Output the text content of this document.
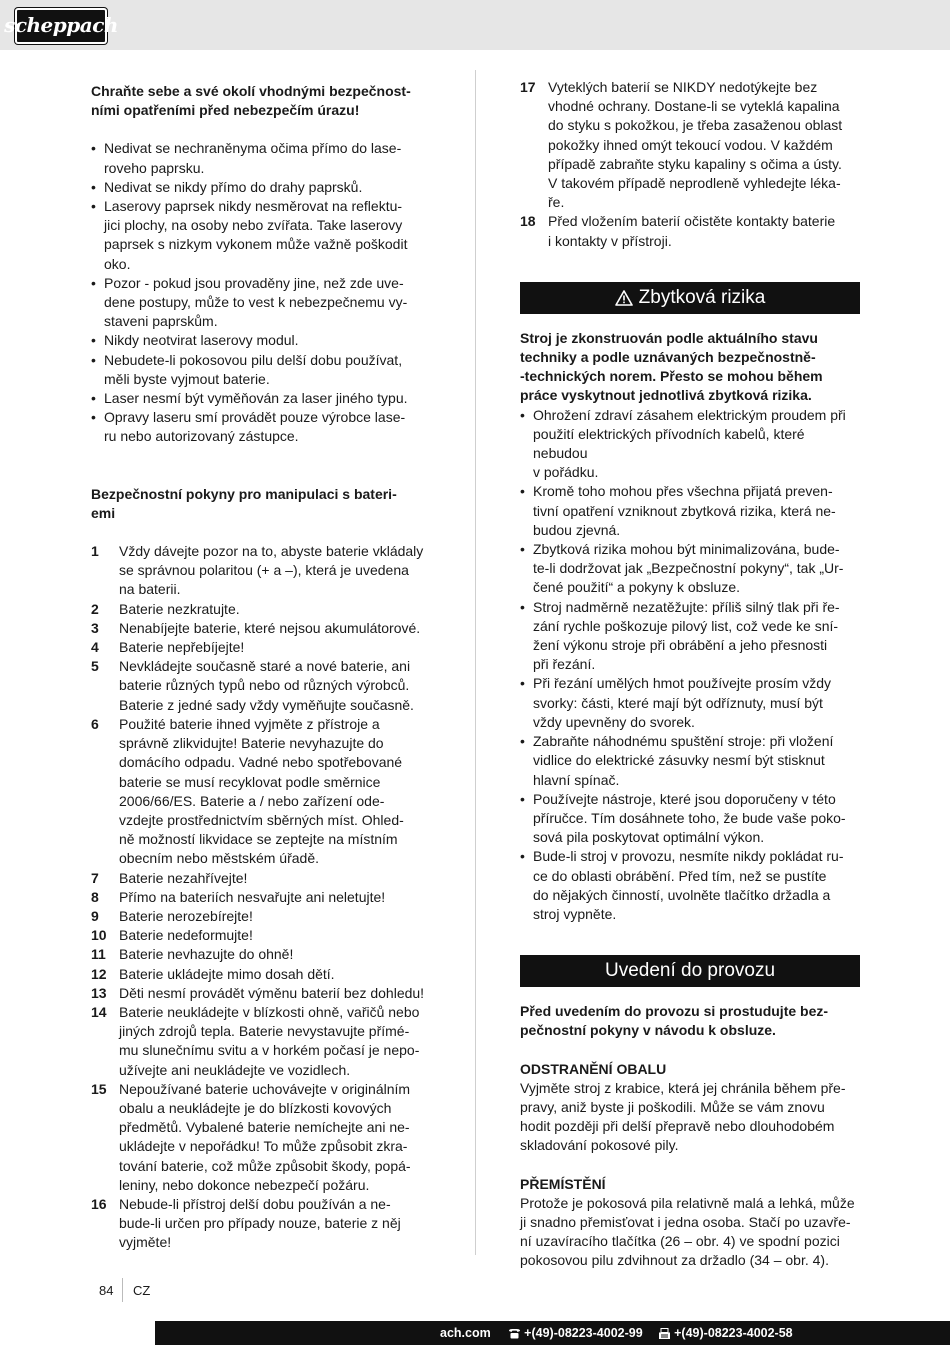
scheppach

Chraňte sebe a své okolí vhodnými bezpečnost-
ními opatřeními před nebezpečím úrazu!

• Nedivat se nechraněnyma očima přímo do lase-
roveho paprsku.
• Nedivat se nikdy přímo do drahy paprsků.
• Laserovy paprsek nikdy nesměrovat na reflektu-
jici plochy, na osoby nebo zvířata. Take laserovy
paprsek s nizkym vykonem může važně poškodit
oko.
• Pozor - pokud jsou provaděny jine, než zde uve-
dene postupy, může to vest k nebezpečnemu vy-
staveni paprskům.
• Nikdy neotvirat laserovy modul.
• Nebudete-li pokosovou pilu delší dobu používat,
měli byste vyjmout baterie.
• Laser nesmí být vyměňován za laser jiného typu.
• Opravy laseru smí provádět pouze výrobce lase-
ru nebo autorizovaný zástupce.

Bezpečnostní pokyny pro manipulaci s bateri-
emi

1	Vždy dávejte pozor na to, abyste baterie vkládaly
se správnou polaritou (+ a –), která je uvedena
na baterii.
2	Baterie nezkratujte.
3	Nenabíjejte baterie, které nejsou akumulátorové.
4	Baterie nepřebíjejte!
5	Nevkládejte současně staré a nové baterie, ani
baterie různých typů nebo od různých výrobců.
Baterie z jedné sady vždy vyměňujte současně.
6	Použité baterie ihned vyjměte z přístroje a
správně zlikvidujte! Baterie nevyhazujte do
domácího odpadu. Vadné nebo spotřebované
baterie se musí recyklovat podle směrnice
2006/66/ES. Baterie a / nebo zařízení ode-
vzdejte prostřednictvím sběrných míst. Ohled-
ně možností likvidace se zeptejte na místním
obecním nebo městském úřadě.
7	Baterie nezahřívejte!
8	Přímo na bateriích nesvařujte ani neletujte!
9	Baterie nerozebírejte!
10 Baterie nedeformujte!
11 Baterie nevhazujte do ohně!
12 Baterie ukládejte mimo dosah dětí.
13 Děti nesmí provádět výměnu baterií bez dohledu!
14 Baterie neukládejte v blízkosti ohně, vařičů nebo
jiných zdrojů tepla. Baterie nevystavujte přímé-
mu slunečnímu svitu a v horkém počasí je nepo-
užívejte ani neukládejte ve vozidlech.
15 Nepoužívané baterie uchovávejte v originálním
obalu a neukládejte je do blízkosti kovových
předmětů. Vybalené baterie nemíchejte ani ne-
ukládejte v nepořádku! To může způsobit zkra-
tování baterie, což může způsobit škody, popá-
leniny, nebo dokonce nebezpečí požáru.
16 Nebude-li přístroj delší dobu používán a ne-
bude-li určen pro případy nouze, baterie z něj
vyjměte!
17 Vyteklých baterií se NIKDY nedotýkejte bez
vhodné ochrany. Dostane-li se vyteklá kapalina
do styku s pokožkou, je třeba zasaženou oblast
pokožky ihned omýt tekoucí vodou. V každém
případě zabraňte styku kapaliny s očima a ústy.
V takovém případě neprodleně vyhledejte léka-
ře.
18 Před vložením baterií očistěte kontakty baterie
i kontakty v přístroji.
Zbytková rizika

Stroj je zkonstruován podle aktuálního stavu
techniky a podle uznávaných bezpečnostně-
-technických norem. Přesto se mohou během
práce vyskytnout jednotlivá zbytková rizika.

• Ohrožení zdraví zásahem elektrickým proudem při
použití elektrických přívodních kabelů, které nebudou
v pořádku.
• Kromě toho mohou přes všechna přijatá preven-
tivní opatření vzniknout zbytková rizika, která ne-
budou zjevná.
• Zbytková rizika mohou být minimalizována, bude-
te-li dodržovat jak „Bezpečnostní pokyny“, tak „Ur-
čené použití“ a pokyny k obsluze.
• Stroj nadměrně nezatěžujte: příliš silný tlak při ře-
zání rychle poškozuje pilový list, což vede ke sní-
žení výkonu stroje při obrábění a jeho přesnosti
při řezání.
• Při řezání umělých hmot používejte prosím vždy
svorky: části, které mají být odříznuty, musí být
vždy upevněny do svorek.
• Zabraňte náhodnému spuštění stroje: při vložení
vidlice do elektrické zásuvky nesmí být stisknut
hlavní spínač.
• Používejte nástroje, které jsou doporučeny v této
příručce. Tím dosáhnete toho, že bude vaše poko-
sová pila poskytovat optimální výkon.
• Bude-li stroj v provozu, nesmíte nikdy pokládat ru-
ce do oblasti obrábění. Před tím, než se pustíte
do nějakých činností, uvolněte tlačítko držadla a
stroj vypněte.
Uvedení do provozu

Před uvedením do provozu si prostudujte bez-
pečnostní pokyny v návodu k obsluze.

ODSTRANĚNÍ OBALU

Vyjměte stroj z krabice, která jej chránila během pře-
pravy, aniž byste ji poškodili. Může se vám znovu
hodit později při delší přepravě nebo dlouhodobém
skladování pokosové pily.

PŘEMÍSTĚNÍ

Protože je pokosová pila relativně malá a lehká, může
ji snadno přemisťovat i jedna osoba. Stačí po uzavře-
ní uzavíracího tlačítka (26 – obr. 4) ve spodní pozici
pokosovou pilu zdvihnout za držadlo (34 – obr. 4).

84 CZ
ach.com	+(49)-08223-4002-99	+(49)-08223-4002-58
